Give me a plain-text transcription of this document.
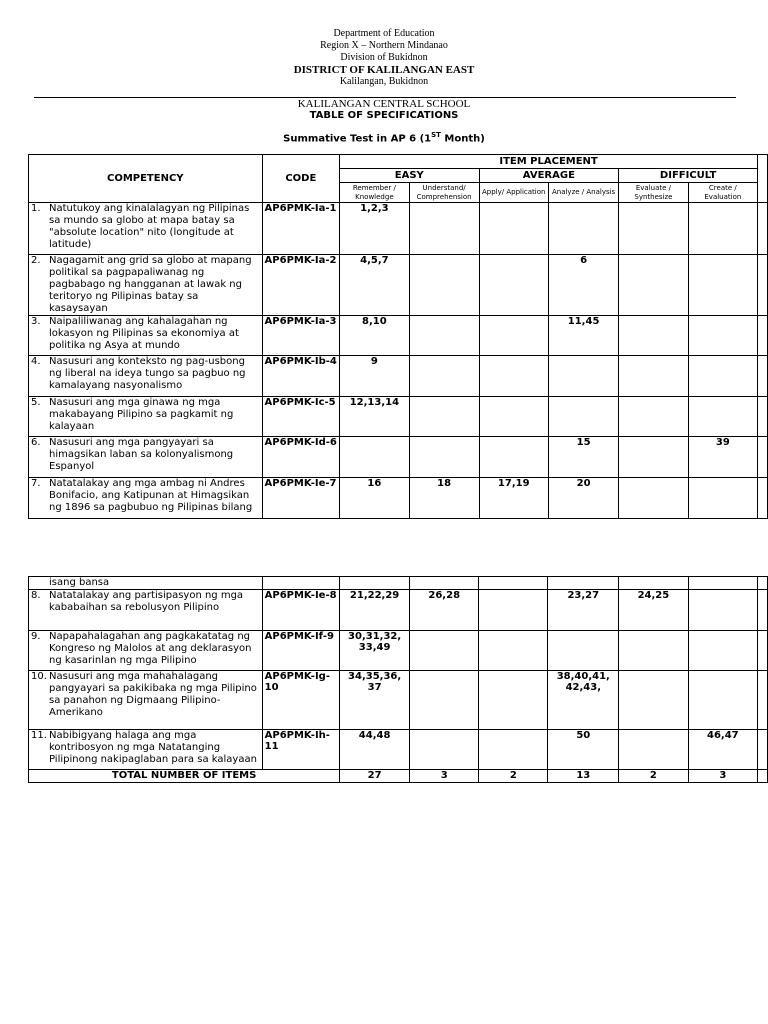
Department of Education
Region X – Northern Mindanao
Division of Bukidnon
DISTRICT OF KALILANGAN EAST
Kalilangan, Bukidnon
KALILANGAN CENTRAL SCHOOL
TABLE OF SPECIFICATIONS
Summative Test in AP 6 (1ST Month)
COMPETENCY	CODE	ITEM PLACEMENT						
		EASY		AVERAGE		DIFFICULT		
		Remember / Knowledge	Understand/ Comprehension	Apply/ Application	Analyze / Analysis	Evaluate / Synthesize	Create / Evaluation	
1. Natutukoy ang kinalalagyan ng Pilipinas sa mundo sa globo at mapa batay sa "absolute location" nito (longitude at latitude)	AP6PMK-Ia-1	1,2,3						
2. Nagagamit ang grid sa globo at mapang politikal sa pagpapaliwanag ng pagbabago ng hangganan at lawak ng teritoryo ng Pilipinas batay sa kasaysayan	AP6PMK-Ia-2	4,5,7			6			
3. Naipaliliwanag ang kahalagahan ng lokasyon ng Pilipinas sa ekonomiya at politika ng Asya at mundo	AP6PMK-Ia-3	8,10			11,45			
4. Nasusuri ang konteksto ng pag-usbong ng liberal na ideya tungo sa pagbuo ng kamalayang nasyonalismo	AP6PMK-Ib-4	9						
5. Nasusuri ang mga ginawa ng mga makabayang Pilipino sa pagkamit ng kalayaan	AP6PMK-Ic-5	12,13,14						
6. Nasusuri ang mga pangyayari sa himagsikan laban sa kolonyalismong Espanyol	AP6PMK-Id-6				15		39	
7. Natatalakay ang mga ambag ni Andres Bonifacio, ang Katipunan at Himagsikan ng 1896 sa pagbubuo ng Pilipinas bilang	AP6PMK-Ie-7	16	18	17,19	20			
isang bansa								
8. Natatalakay ang partisipasyon ng mga kababaihan sa rebolusyon Pilipino	AP6PMK-Ie-8	21,22,29	26,28		23,27	24,25		
9. Napapahalagahan ang pagkakatatag ng Kongreso ng Malolos at ang deklarasyon ng kasarinlan ng mga Pilipino	AP6PMK-If-9	30,31,32, 33,49						
10. Nasusuri ang mga mahahalagang pangyayari sa pakikibaka ng mga Pilipino sa panahon ng Digmaang Pilipino-Amerikano	AP6PMK-Ig-10	34,35,36, 37			38,40,41, 42,43,			
11. Nabibigyang halaga ang mga kontribosyon ng mga Natatanging Pilipinong nakipaglaban para sa kalayaan	AP6PMK-Ih-11	44,48			50		46,47	
TOTAL NUMBER OF ITEMS		27	3	2	13	2	3	
